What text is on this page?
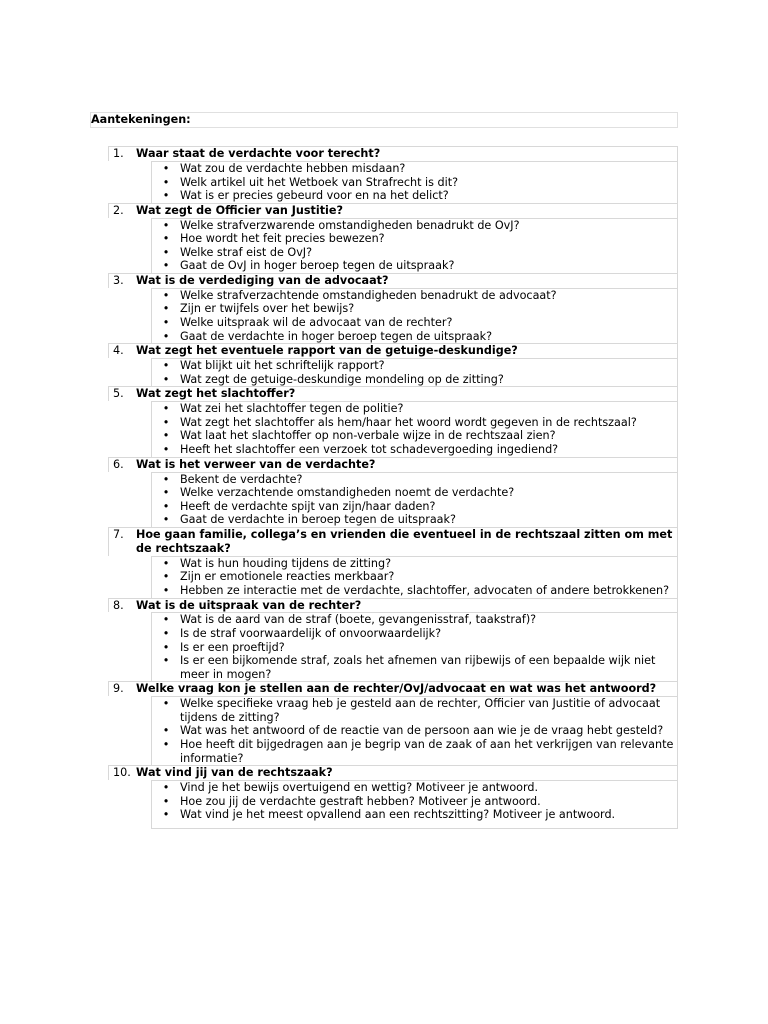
Aantekeningen:
1.	Waar staat de verdachte voor terecht?
• Wat zou de verdachte hebben misdaan?
• Welk artikel uit het Wetboek van Strafrecht is dit?
• Wat is er precies gebeurd voor en na het delict?
2.	Wat zegt de Officier van Justitie?
• Welke strafverzwarende omstandigheden benadrukt de OvJ?
• Hoe wordt het feit precies bewezen?
• Welke straf eist de OvJ?
• Gaat de OvJ in hoger beroep tegen de uitspraak?
3.	Wat is de verdediging van de advocaat?
• Welke strafverzachtende omstandigheden benadrukt de advocaat?
• Zijn er twijfels over het bewijs?
• Welke uitspraak wil de advocaat van de rechter?
• Gaat de verdachte in hoger beroep tegen de uitspraak?
4.	Wat zegt het eventuele rapport van de getuige-deskundige?
• Wat blijkt uit het schriftelijk rapport?
• Wat zegt de getuige-deskundige mondeling op de zitting?
5.	Wat zegt het slachtoffer?
• Wat zei het slachtoffer tegen de politie?
• Wat zegt het slachtoffer als hem/haar het woord wordt gegeven in de rechtszaal?
• Wat laat het slachtoffer op non-verbale wijze in de rechtszaal zien?
• Heeft het slachtoffer een verzoek tot schadevergoeding ingediend?
6.	Wat is het verweer van de verdachte?
• Bekent de verdachte?
• Welke verzachtende omstandigheden noemt de verdachte?
• Heeft de verdachte spijt van zijn/haar daden?
• Gaat de verdachte in beroep tegen de uitspraak?
7.	Hoe gaan familie, collega’s en vrienden die eventueel in de rechtszaal zitten om met de rechtszaak?
• Wat is hun houding tijdens de zitting?
• Zijn er emotionele reacties merkbaar?
• Hebben ze interactie met de verdachte, slachtoffer, advocaten of andere betrokkenen?
8.	Wat is de uitspraak van de rechter?
• Wat is de aard van de straf (boete, gevangenisstraf, taakstraf)?
• Is de straf voorwaardelijk of onvoorwaardelijk?
• Is er een proeftijd?
• Is er een bijkomende straf, zoals het afnemen van rijbewijs of een bepaalde wijk niet meer in mogen?
9.	Welke vraag kon je stellen aan de rechter/OvJ/advocaat en wat was het antwoord?
• Welke specifieke vraag heb je gesteld aan de rechter, Officier van Justitie of advocaat tijdens de zitting?
• Wat was het antwoord of de reactie van de persoon aan wie je de vraag hebt gesteld?
• Hoe heeft dit bijgedragen aan je begrip van de zaak of aan het verkrijgen van relevante informatie?
10. Wat vind jij van de rechtszaak?
• Vind je het bewijs overtuigend en wettig? Motiveer je antwoord.
• Hoe zou jij de verdachte gestraft hebben? Motiveer je antwoord.
• Wat vind je het meest opvallend aan een rechtszitting? Motiveer je antwoord.
